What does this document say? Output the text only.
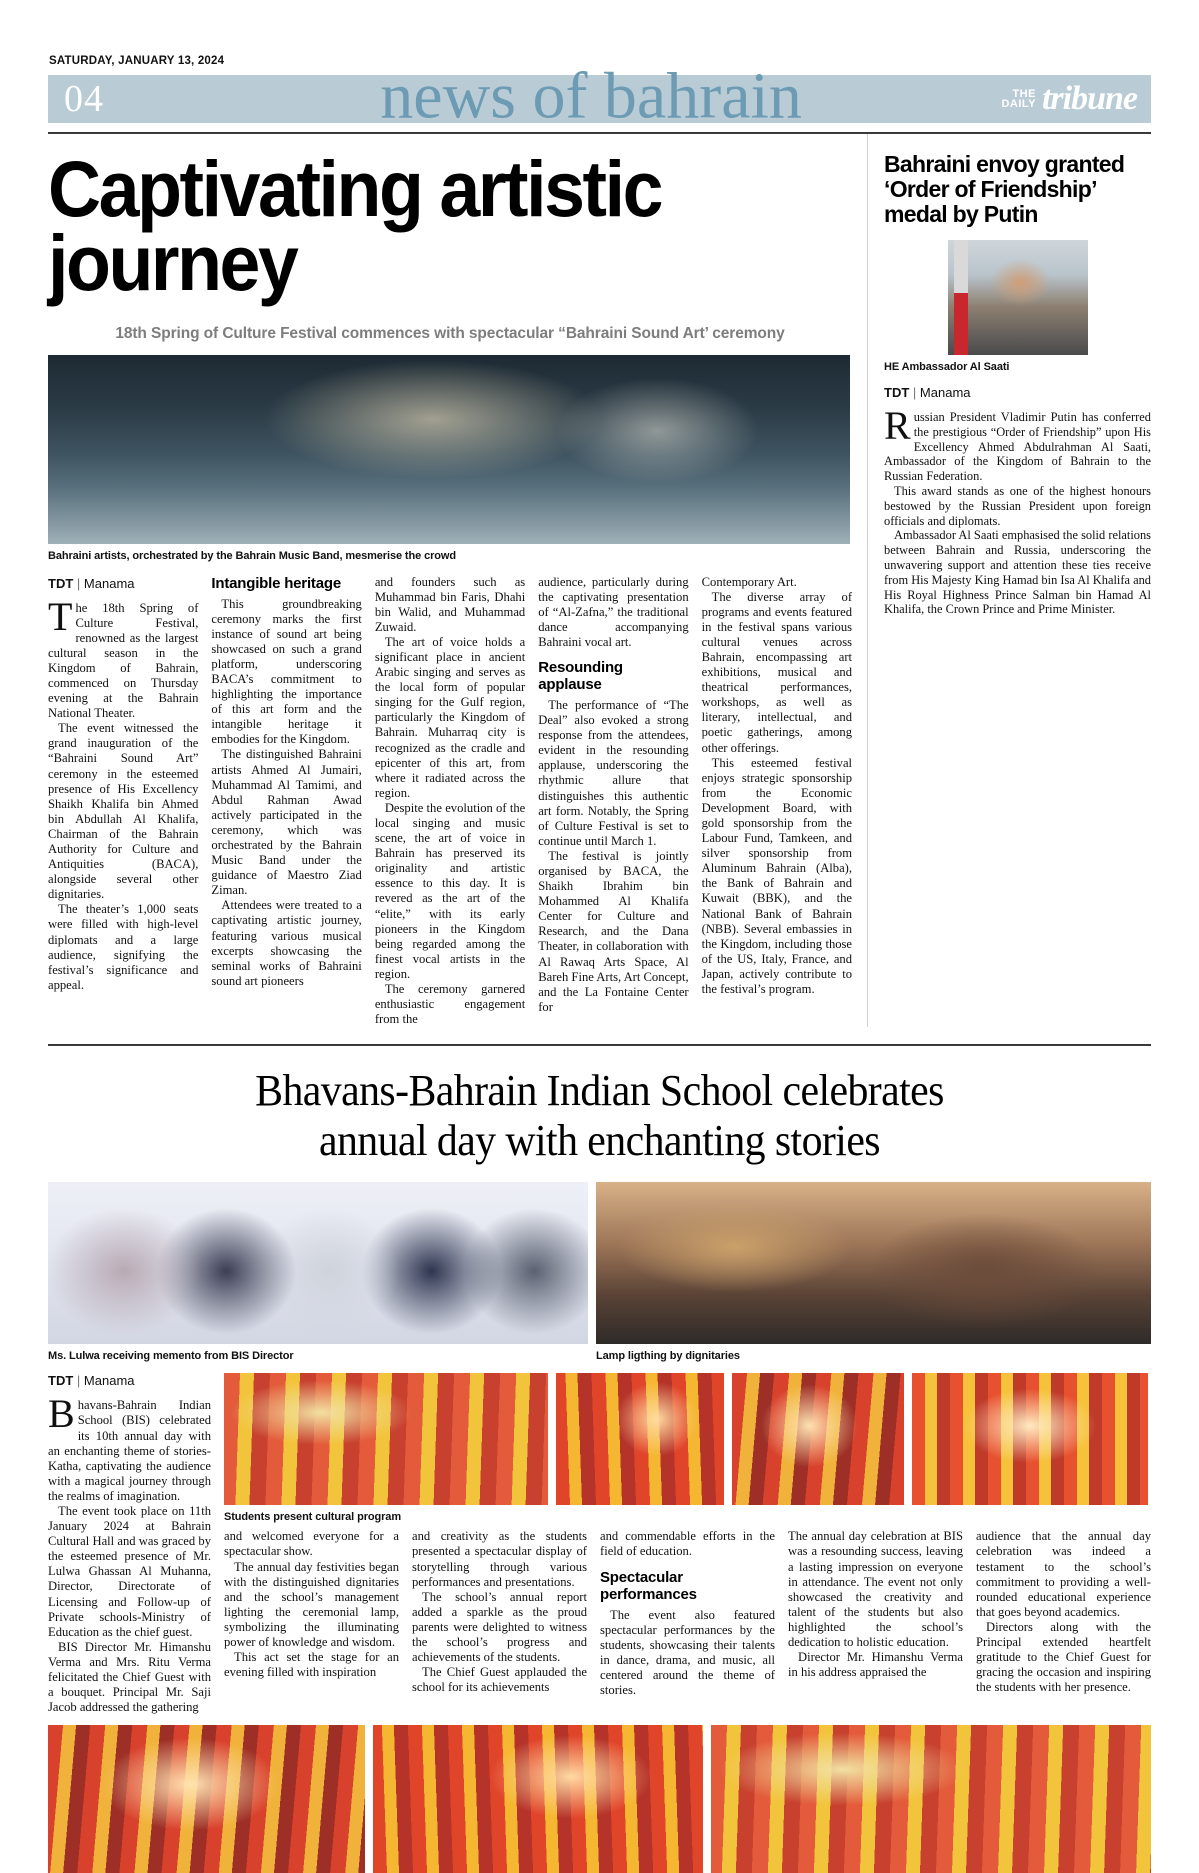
SATURDAY, JANUARY 13, 2024
04	news of bahrain	THE
DAILY tribune
Captivating artistic journey
18th Spring of Culture Festival commences with spectacular “Bahraini Sound Art’ ceremony
Bahraini artists, orchestrated by the Bahrain Music Band, mesmerise the crowd
TDT | Manama

The 18th Spring of Culture Festival, renowned as the largest cultural season in the Kingdom of Bahrain, commenced on Thursday evening at the Bahrain National Theater.

The event witnessed the grand inauguration of the “Bahraini Sound Art” ceremony in the esteemed presence of His Excellency Shaikh Khalifa bin Ahmed bin Abdullah Al Khalifa, Chairman of the Bahrain Authority for Culture and Antiquities (BACA), alongside several other dignitaries.

The theater’s 1,000 seats were filled with high-level diplomats and a large audience, signifying the festival’s significance and appeal.

Intangible heritage

This groundbreaking ceremony marks the first instance of sound art being showcased on such a grand platform, underscoring BACA’s commitment to highlighting the importance of this art form and the intangible heritage it embodies for the Kingdom.

The distinguished Bahraini artists Ahmed Al Jumairi, Muhammad Al Tamimi, and Abdul Rahman Awad actively participated in the ceremony, which was orchestrated by the Bahrain Music Band under the guidance of Maestro Ziad Ziman.

Attendees were treated to a captivating artistic journey, featuring various musical excerpts showcasing the seminal works of Bahraini sound art pioneers

and founders such as Muhammad bin Faris, Dhahi bin Walid, and Muhammad Zuwaid.

The art of voice holds a significant place in ancient Arabic singing and serves as the local form of popular singing for the Gulf region, particularly the Kingdom of Bahrain. Muharraq city is recognized as the cradle and epicenter of this art, from where it radiated across the region.

Despite the evolution of the local singing and music scene, the art of voice in Bahrain has preserved its originality and artistic essence to this day. It is revered as the art of the “elite,” with its early pioneers in the Kingdom being regarded among the finest vocal artists in the region.

The ceremony garnered enthusiastic engagement from the

audience, particularly during the captivating presentation of “Al-Zafna,” the traditional dance accompanying Bahraini vocal art.

Resounding applause

The performance of “The Deal” also evoked a strong response from the attendees, evident in the resounding applause, underscoring the rhythmic allure that distinguishes this authentic art form. Notably, the Spring of Culture Festival is set to continue until March 1.

The festival is jointly organised by BACA, the Shaikh Ibrahim bin Mohammed Al Khalifa Center for Culture and Research, and the Dana Theater, in collaboration with Al Rawaq Arts Space, Al Bareh Fine Arts, Art Concept, and the La Fontaine Center for

Contemporary Art.

The diverse array of programs and events featured in the festival spans various cultural venues across Bahrain, encompassing art exhibitions, musical and theatrical performances, workshops, as well as literary, intellectual, and poetic gatherings, among other offerings.

This esteemed festival enjoys strategic sponsorship from the Economic Development Board, with gold sponsorship from the Labour Fund, Tamkeen, and silver sponsorship from Aluminum Bahrain (Alba), the Bank of Bahrain and Kuwait (BBK), and the National Bank of Bahrain (NBB). Several embassies in the Kingdom, including those of the US, Italy, France, and Japan, actively contribute to the festival’s program.

Bahraini envoy granted ‘Order of Friendship’ medal by Putin
HE Ambassador Al Saati
TDT | Manama

Russian President Vladimir Putin has conferred the prestigious “Order of Friendship” upon His Excellency Ahmed Abdulrahman Al Saati, Ambassador of the Kingdom of Bahrain to the Russian Federation.

This award stands as one of the highest honours bestowed by the Russian President upon foreign officials and diplomats.

Ambassador Al Saati emphasised the solid relations between Bahrain and Russia, underscoring the unwavering support and attention these ties receive from His Majesty King Hamad bin Isa Al Khalifa and His Royal Highness Prince Salman bin Hamad Al Khalifa, the Crown Prince and Prime Minister.

Bhavans-Bahrain Indian School celebrates
annual day with enchanting stories
Ms. Lulwa receiving memento from BIS Director	Lamp ligthing by dignitaries
TDT | Manama

Bhavans-Bahrain Indian School (BIS) celebrated its 10th annual day with an enchanting theme of stories-Katha, captivating the audience with a magical journey through the realms of imagination.

The event took place on 11th January 2024 at Bahrain Cultural Hall and was graced by the esteemed presence of Mr. Lulwa Ghassan Al Muhanna, Director, Directorate of Licensing and Follow-up of Private schools-Ministry of Education as the chief guest.

BIS Director Mr. Himanshu Verma and Mrs. Ritu Verma felicitated the Chief Guest with a bouquet. Principal Mr. Saji Jacob addressed the gathering

Students present cultural program

and welcomed everyone for a spectacular show.

The annual day festivities began with the distinguished dignitaries and the school’s management lighting the ceremonial lamp, symbolizing the illuminating power of knowledge and wisdom.

This act set the stage for an evening filled with inspiration

and creativity as the students presented a spectacular display of storytelling through various performances and presentations.

The school’s annual report added a sparkle as the proud parents were delighted to witness the school’s progress and achievements of the students.

The Chief Guest applauded the school for its achievements

and commendable efforts in the field of education.

Spectacular performances

The event also featured spectacular performances by the students, showcasing their talents in dance, drama, and music, all centered around the theme of stories.

The annual day celebration at BIS was a resounding success, leaving a lasting impression on everyone in attendance. The event not only showcased the creativity and talent of the students but also highlighted the school’s dedication to holistic education.

Director Mr. Himanshu Verma in his address appraised the

audience that the annual day celebration was indeed a testament to the school’s commitment to providing a well-rounded educational experience that goes beyond academics.

Directors along with the Principal extended heartfelt gratitude to the Chief Guest for gracing the occasion and inspiring the students with her presence.
